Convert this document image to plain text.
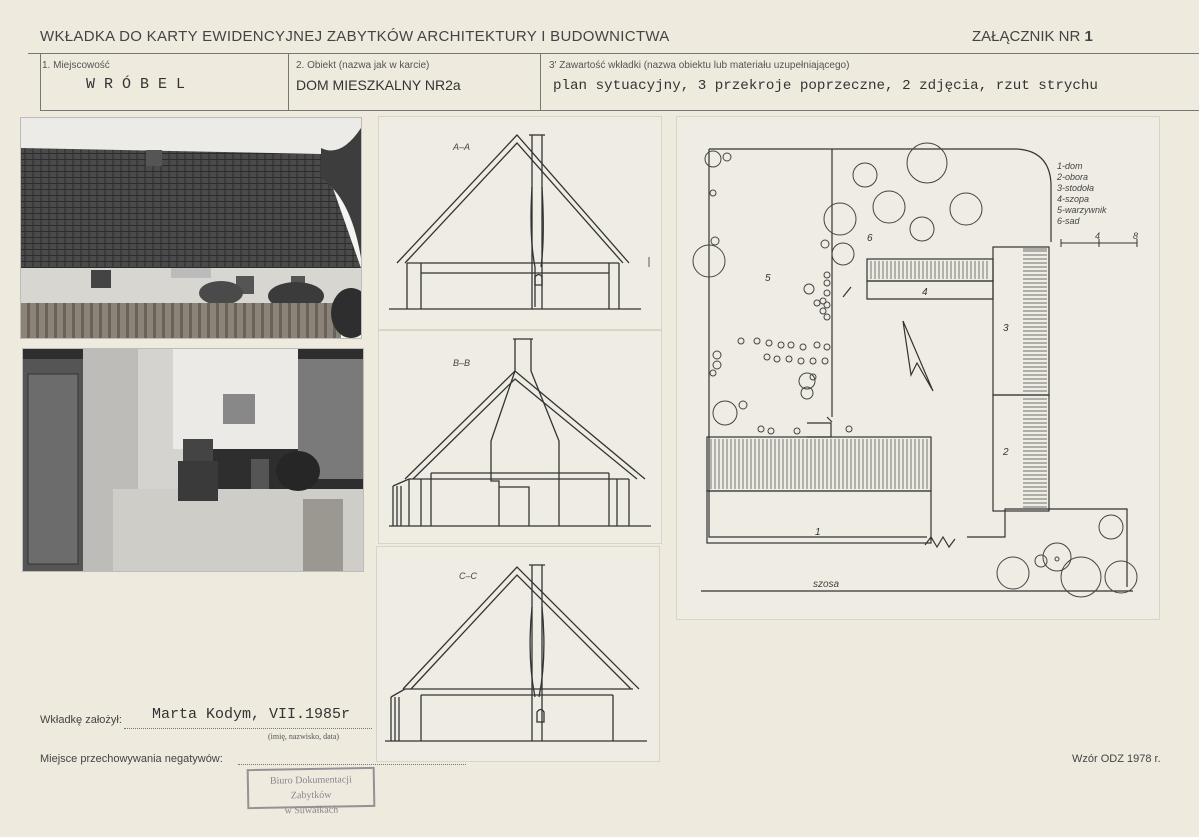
WKŁADKA DO KARTY EWIDENCYJNEJ ZABYTKÓW ARCHITEKTURY I BUDOWNICTWA	ZAŁĄCZNIK NR 1
1. Miejscowość
W R Ó B E L
2. Obiekt (nazwa jak w karcie)
DOM MIESZKALNY NR2a
3' Zawartość wkładki (nazwa obiektu lub materiału uzupełniającego)
plan sytuacyjny, 3 przekroje poprzeczne, 2 zdjęcia, rzut strychu
A–A
B–B
C–C
1-dom
2-obora
3-stodoła
4-szopa
5-warzywnik
6-sad
4	8
1
2
3
4
5
6
szosa
Wkładkę założył: Marta Kodym, VII.1985r
(imię, nazwisko, data)
Miejsce przechowywania negatywów:
Biuro Dokumentacji Zabytków
w Suwałkach
Wzór ODZ 1978 r.
